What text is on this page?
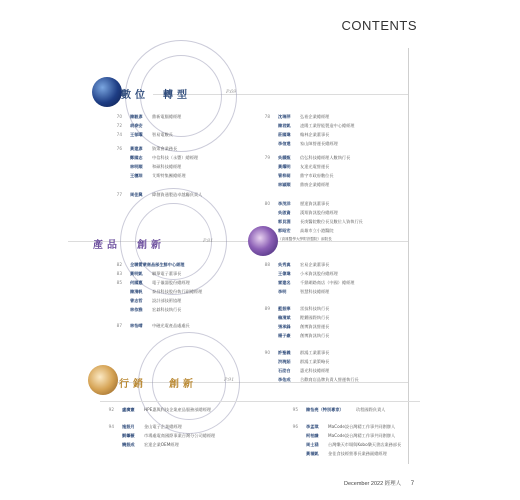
CONTENTS
數 位 轉 型	P.69
70 陳駿彥 鼎新電腦總經理
72 胡泰安
74 王郁曜 智易電數長
76 黃建彥 資策會業務長
鄭國志 中信科技（永豐）總經理
林明順 和碩科技總經理
王穗琮 艾斯特集團總經理
77 周佳興 緯創資通製造卓越廳負責人
78 沈瑞萍 弘裕企業總經理
陳君凱 凌陽工業智能製造中心總經理
莊國瑋 翰林企業董事長
李信達 家山障營運長總經理
79 吳韻甄 信弘科技總經理人數執行長
黃耀明 友達光電營運長
管梓萌 鼎宇市政府數位長
林穎順 鼎廚企業總經理
80 李茂洋 歷達資訊董事長
吳啟資 漢翔資訊股份總經理
郭貝淵 長庚醫院數位長及數位人資執行長
郭昭宏 高雄市立小港醫院
（高雄醫學大學附設醫院）副院長
產 品 創 新	P.81
82 全聯實業商品部生鮮中心經理
83 黃明凱 聯華電子董事長
85 何國惠 電子儀器股份總經理
陳清帆 泰昌科技股份執行副總經理
曾志哲 設計部技術協理
林依雅 宏碁科技執行長
87 林怡晴 中磁光電產品處處長
88 吳秀真 宏易企業董事長
王偉瑋 小米資訊股份總經理
雷建名 千鼎網路商店（中國）總經理
李明	智慧科技總經理
89 藍振寧 雷技科技執行長
賴清斌 鏗鏘國際執行長
張承鋒 創博資訊營運長
楊子豪 創博資訊執行長
90 許聖義 群鴻工業董事長
洪琬茹 群鴻工業策略長
石劭白 惠光科技總經理
李佑成 合歡商店品牌負責人營運執行長
行 銷	創 新	P.91
92 盧廣憲 HPE惠與科技企業產品服務部總經理
94 施振月 金山電子企業總經理
劉肇薇 市場處電商國際事業台灣分公司總經理
饒振成 宏達企業OEM經理
95 陳怡亮（特別專家）	玖程國際負責人
96 李孟琪 MaCode設台灣精工作事共同創辦人
柯柏謙 MaCode設台灣精工作事共同創辦人
周士涵 台灣樂天市場與Kobo樂天書店業務部長
黃福凱 金佳食技經營專長業務副總經理
December 2022 經理人 7
